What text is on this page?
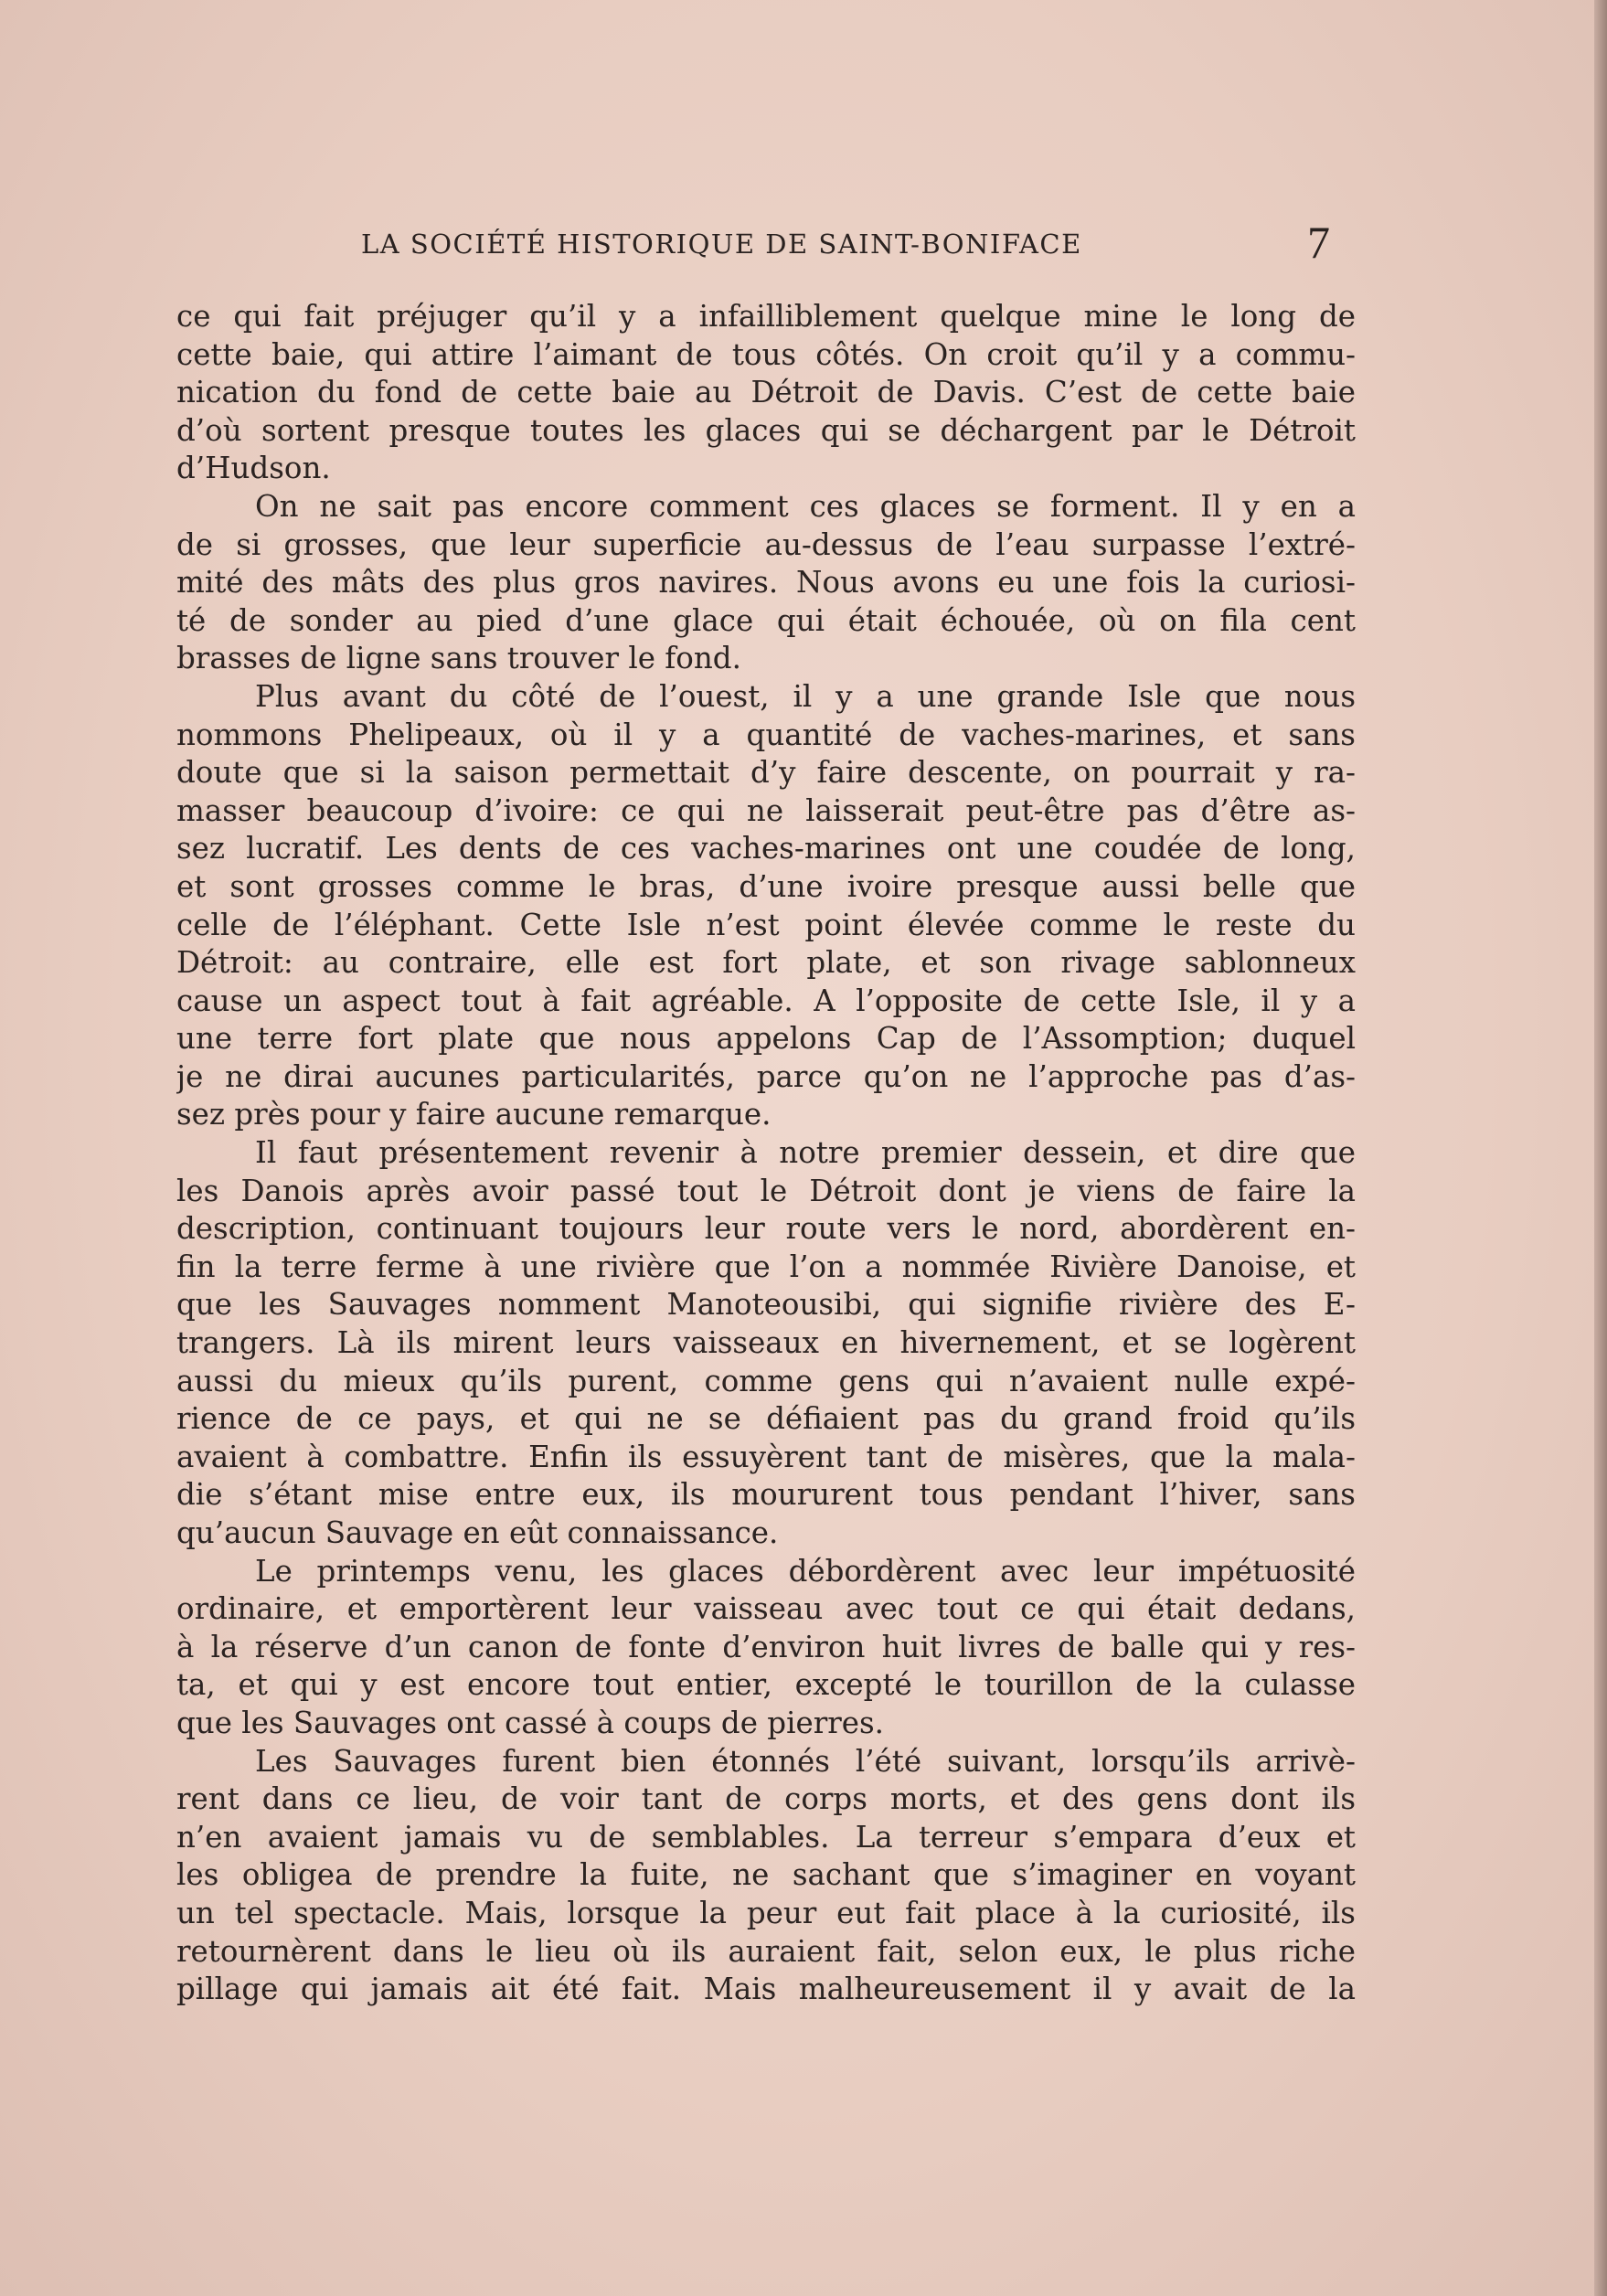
LA SOCIÉTÉ HISTORIQUE DE SAINT-BONIFACE	7
ce qui fait préjuger qu’il y a infailliblement quelque mine le long de
cette baie, qui attire l’aimant de tous côtés. On croit qu’il y a commu-
nication du fond de cette baie au Détroit de Davis. C’est de cette baie
d’où sortent presque toutes les glaces qui se déchargent par le Détroit
d’Hudson.
On ne sait pas encore comment ces glaces se forment. Il y en a
de si grosses, que leur superficie au-dessus de l’eau surpasse l’extré-
mité des mâts des plus gros navires. Nous avons eu une fois la curiosi-
té de sonder au pied d’une glace qui était échouée, où on fila cent
brasses de ligne sans trouver le fond.
Plus avant du côté de l’ouest, il y a une grande Isle que nous
nommons Phelipeaux, où il y a quantité de vaches-marines, et sans
doute que si la saison permettait d’y faire descente, on pourrait y ra-
masser beaucoup d’ivoire: ce qui ne laisserait peut-être pas d’être as-
sez lucratif. Les dents de ces vaches-marines ont une coudée de long,
et sont grosses comme le bras, d’une ivoire presque aussi belle que
celle de l’éléphant. Cette Isle n’est point élevée comme le reste du
Détroit: au contraire, elle est fort plate, et son rivage sablonneux
cause un aspect tout à fait agréable. A l’opposite de cette Isle, il y a
une terre fort plate que nous appelons Cap de l’Assomption; duquel
je ne dirai aucunes particularités, parce qu’on ne l’approche pas d’as-
sez près pour y faire aucune remarque.
Il faut présentement revenir à notre premier dessein, et dire que
les Danois après avoir passé tout le Détroit dont je viens de faire la
description, continuant toujours leur route vers le nord, abordèrent en-
fin la terre ferme à une rivière que l’on a nommée Rivière Danoise, et
que les Sauvages nomment Manoteousibi, qui signifie rivière des E-
trangers. Là ils mirent leurs vaisseaux en hivernement, et se logèrent
aussi du mieux qu’ils purent, comme gens qui n’avaient nulle expé-
rience de ce pays, et qui ne se défiaient pas du grand froid qu’ils
avaient à combattre. Enfin ils essuyèrent tant de misères, que la mala-
die s’étant mise entre eux, ils moururent tous pendant l’hiver, sans
qu’aucun Sauvage en eût connaissance.
Le printemps venu, les glaces débordèrent avec leur impétuosité
ordinaire, et emportèrent leur vaisseau avec tout ce qui était dedans,
à la réserve d’un canon de fonte d’environ huit livres de balle qui y res-
ta, et qui y est encore tout entier, excepté le tourillon de la culasse
que les Sauvages ont cassé à coups de pierres.
Les Sauvages furent bien étonnés l’été suivant, lorsqu’ils arrivè-
rent dans ce lieu, de voir tant de corps morts, et des gens dont ils
n’en avaient jamais vu de semblables. La terreur s’empara d’eux et
les obligea de prendre la fuite, ne sachant que s’imaginer en voyant
un tel spectacle. Mais, lorsque la peur eut fait place à la curiosité, ils
retournèrent dans le lieu où ils auraient fait, selon eux, le plus riche
pillage qui jamais ait été fait. Mais malheureusement il y avait de la
